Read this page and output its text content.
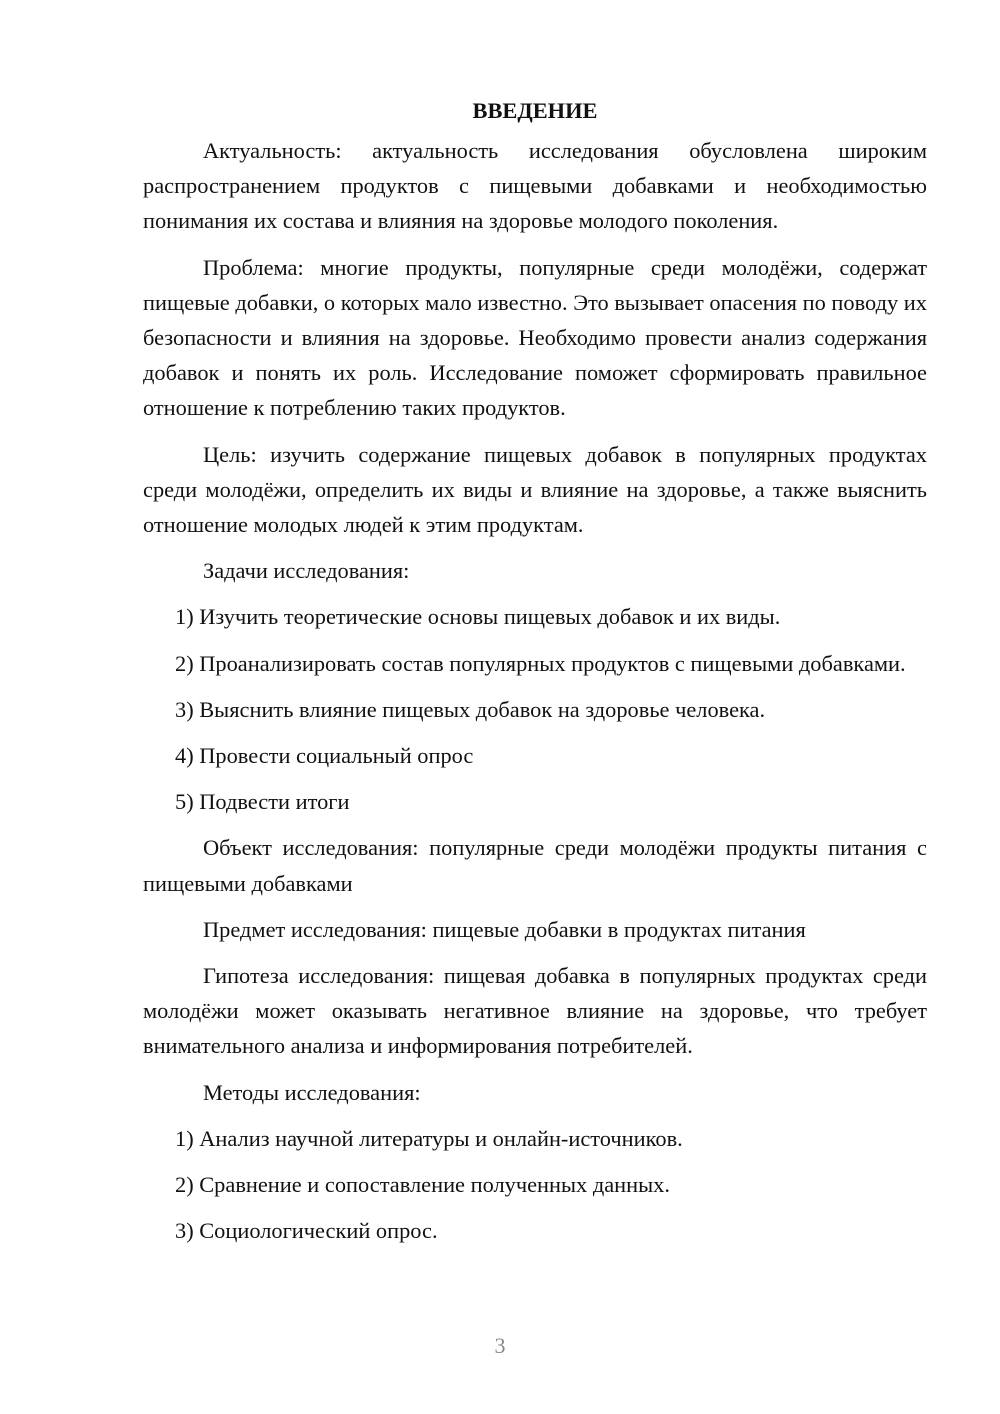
ВВЕДЕНИЕ

Актуальность: актуальность исследования обусловлена широким распространением продуктов с пищевыми добавками и необходимостью понимания их состава и влияния на здоровье молодого поколения.

Проблема: многие продукты, популярные среди молодёжи, содержат пищевые добавки, о которых мало известно. Это вызывает опасения по поводу их безопасности и влияния на здоровье. Необходимо провести анализ содержания добавок и понять их роль. Исследование поможет сформировать правильное отношение к потреблению таких продуктов.

Цель: изучить содержание пищевых добавок в популярных продуктах среди молодёжи, определить их виды и влияние на здоровье, а также выяснить отношение молодых людей к этим продуктам.

Задачи исследования:

1) Изучить теоретические основы пищевых добавок и их виды.

2) Проанализировать состав популярных продуктов с пищевыми добавками.

3) Выяснить влияние пищевых добавок на здоровье человека.

4) Провести социальный опрос

5) Подвести итоги

Объект исследования: популярные среди молодёжи продукты питания с пищевыми добавками

Предмет исследования: пищевые добавки в продуктах питания

Гипотеза исследования: пищевая добавка в популярных продуктах среди молодёжи может оказывать негативное влияние на здоровье, что требует внимательного анализа и информирования потребителей.

Методы исследования:

1) Анализ научной литературы и онлайн-источников.

2) Сравнение и сопоставление полученных данных.

3) Социологический опрос.

3
